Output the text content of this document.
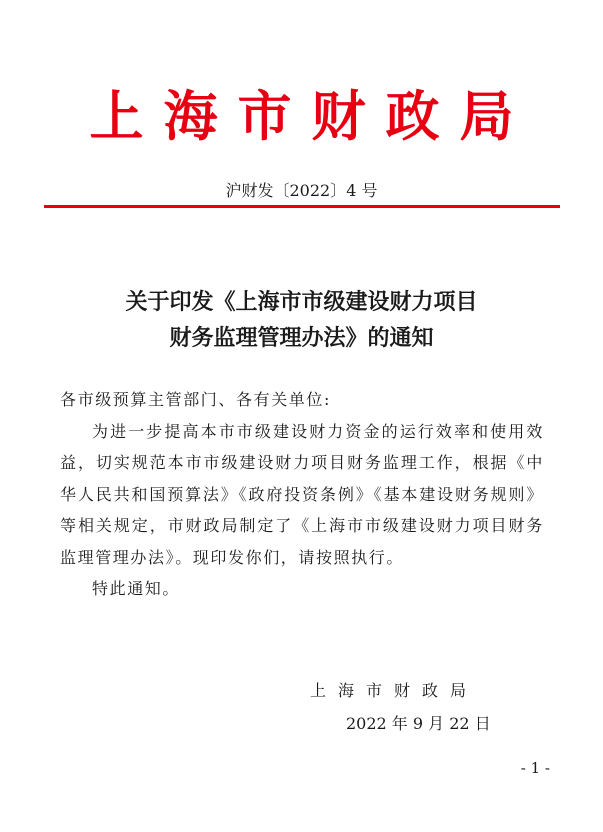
上海市财政局
沪财发〔2022〕4 号
关于印发《上海市市级建设财力项目
财务监理管理办法》的通知

各市级预算主管部门、各有关单位:

为进一步提高本市市级建设财力资金的运行效率和使用效益，切实规范本市市级建设财力项目财务监理工作，根据《中华人民共和国预算法》《政府投资条例》《基本建设财务规则》等相关规定，市财政局制定了《上海市市级建设财力项目财务监理管理办法》。现印发你们，请按照执行。

特此通知。

上海市财政局
2022 年 9 月 22 日
- 1 -
